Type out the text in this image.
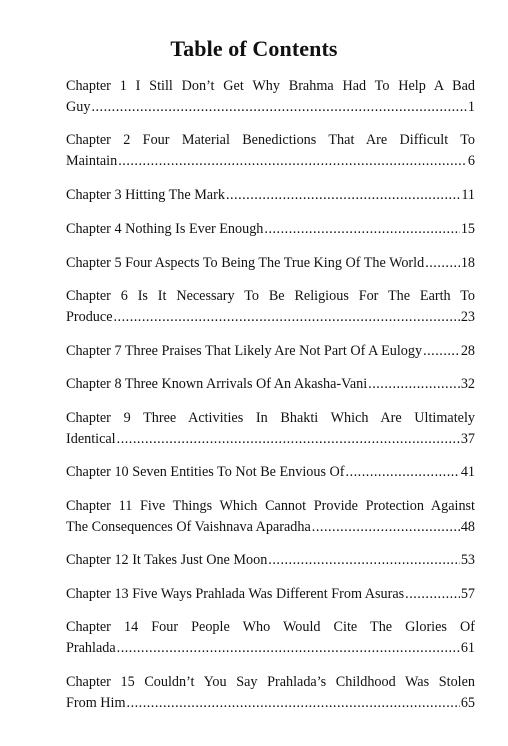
Table of Contents
Chapter 1 I Still Don’t Get Why Brahma Had To Help A Bad
Guy .....	1
Chapter 2 Four Material Benedictions That Are Difficult To
Maintain .....	6
Chapter 3 Hitting The Mark .....	11
Chapter 4 Nothing Is Ever Enough .....	15
Chapter 5 Four Aspects To Being The True King Of The World .....	18
Chapter 6 Is It Necessary To Be Religious For The Earth To
Produce .....	23
Chapter 7 Three Praises That Likely Are Not Part Of A Eulogy .....	28
Chapter 8 Three Known Arrivals Of An Akasha-Vani .....	32
Chapter 9 Three Activities In Bhakti Which Are Ultimately
Identical .....	37
Chapter 10 Seven Entities To Not Be Envious Of .....	41
Chapter 11 Five Things Which Cannot Provide Protection Against
The Consequences Of Vaishnava Aparadha .....	48
Chapter 12 It Takes Just One Moon .....	53
Chapter 13 Five Ways Prahlada Was Different From Asuras .....	57
Chapter 14 Four People Who Would Cite The Glories Of
Prahlada .....	61
Chapter 15 Couldn’t You Say Prahlada’s Childhood Was Stolen
From Him .....	65
